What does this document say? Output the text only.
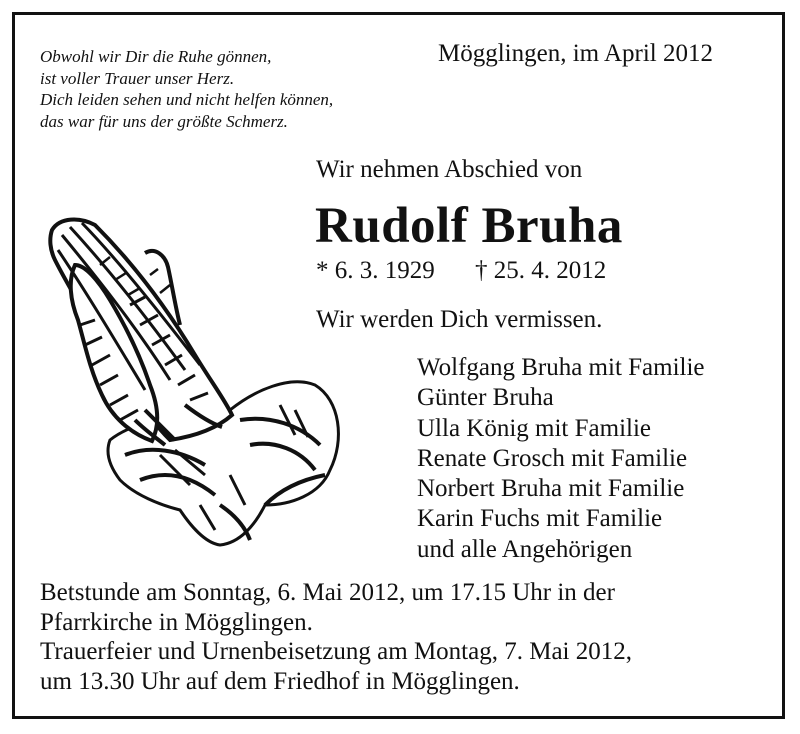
Obwohl wir Dir die Ruhe gönnen,
ist voller Trauer unser Herz.
Dich leiden sehen und nicht helfen können,
das war für uns der größte Schmerz.
Mögglingen, im April 2012
Wir nehmen Abschied von
Rudolf Bruha
* 6. 3. 1929 † 25. 4. 2012
Wir werden Dich vermissen.
Wolfgang Bruha mit Familie
Günter Bruha
Ulla König mit Familie
Renate Grosch mit Familie
Norbert Bruha mit Familie
Karin Fuchs mit Familie
und alle Angehörigen
Betstunde am Sonntag, 6. Mai 2012, um 17.15 Uhr in der
Pfarrkirche in Mögglingen.
Trauerfeier und Urnenbeisetzung am Montag, 7. Mai 2012,
um 13.30 Uhr auf dem Friedhof in Mögglingen.
